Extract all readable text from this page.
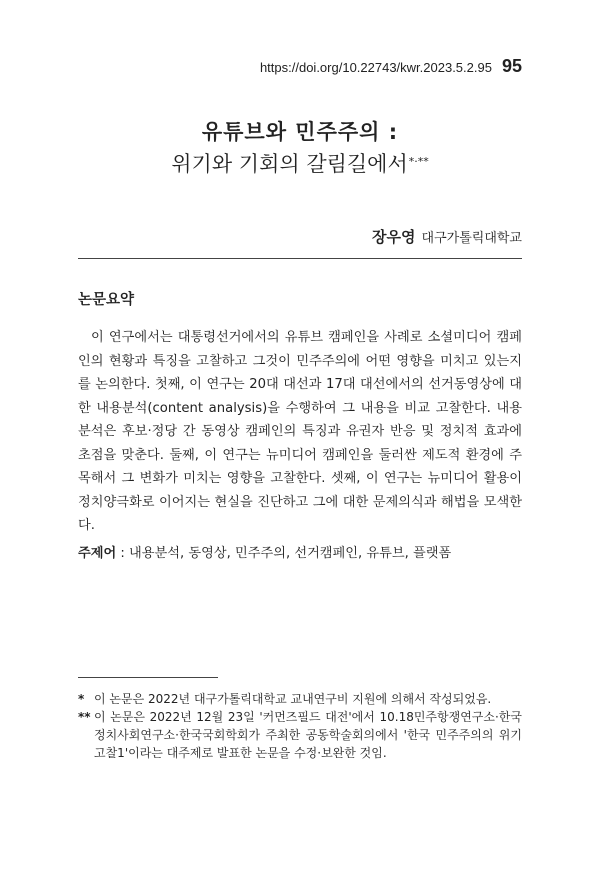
https://doi.org/10.22743/kwr.2023.5.2.95 95
유튜브와 민주주의 :
위기와 기회의 갈림길에서*·**
장우영 대구가톨릭대학교
논문요약

이 연구에서는 대통령선거에서의 유튜브 캠페인을 사례로 소셜미디어 캠페인의 현황과 특징을 고찰하고 그것이 민주주의에 어떤 영향을 미치고 있는지를 논의한다. 첫째, 이 연구는 20대 대선과 17대 대선에서의 선거동영상에 대한 내용분석(content analysis)을 수행하여 그 내용을 비교 고찰한다. 내용분석은 후보·정당 간 동영상 캠페인의 특징과 유권자 반응 및 정치적 효과에 초점을 맞춘다. 둘째, 이 연구는 뉴미디어 캠페인을 둘러싼 제도적 환경에 주목해서 그 변화가 미치는 영향을 고찰한다. 셋째, 이 연구는 뉴미디어 활용이 정치양극화로 이어지는 현실을 진단하고 그에 대한 문제의식과 해법을 모색한다.

주제어 : 내용분석, 동영상, 민주주의, 선거캠페인, 유튜브, 플랫폼
* 이 논문은 2022년 대구가톨릭대학교 교내연구비 지원에 의해서 작성되었음.
** 이 논문은 2022년 12월 23일 '커먼즈필드 대전'에서 10.18민주항쟁연구소·한국정치사회연구소·한국국회학회가 주최한 공동학술회의에서 '한국 민주주의의 위기 고찰1'이라는 대주제로 발표한 논문을 수정·보완한 것임.
